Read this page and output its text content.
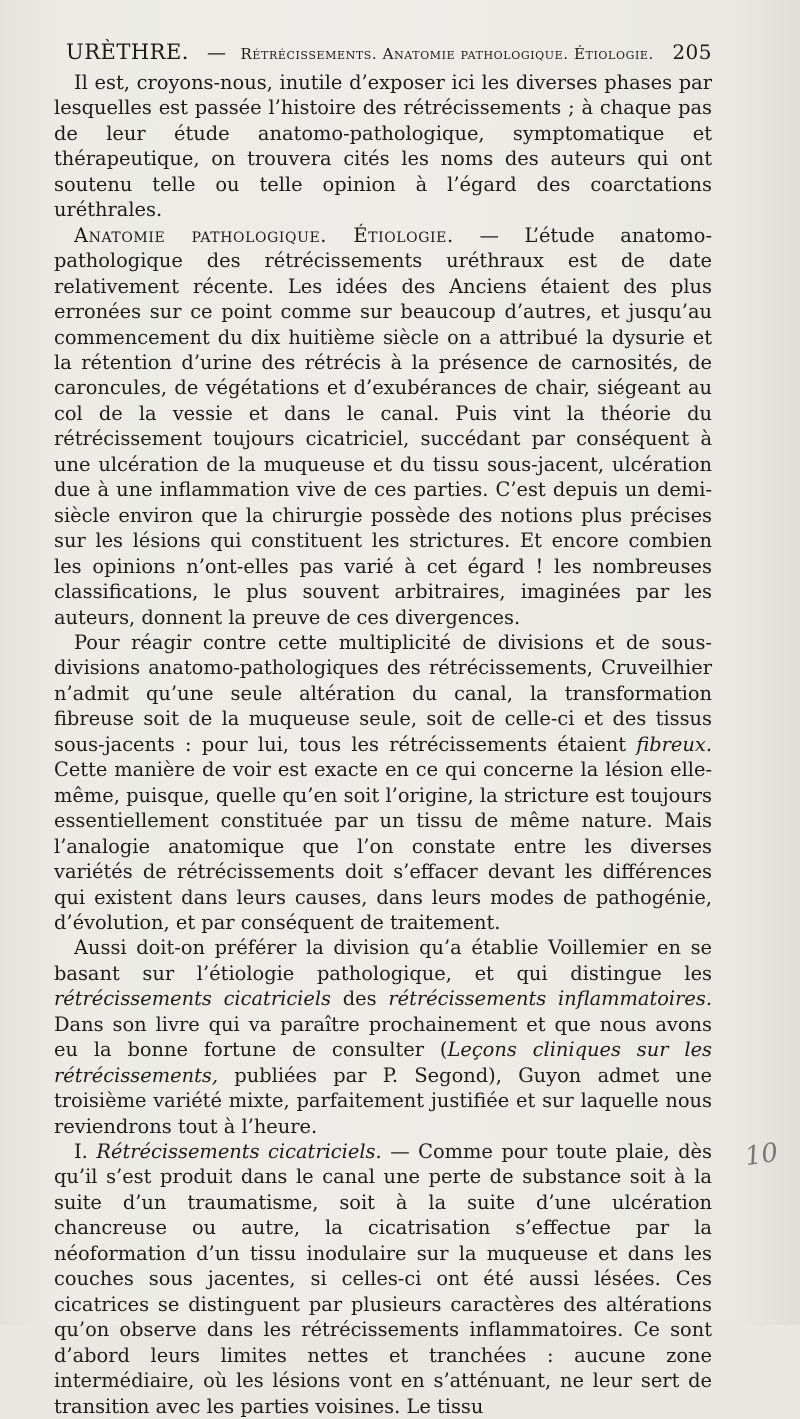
URÈTHRE. — Rétrécissements. Anatomie pathologique. Étiologie. 205

Il est, croyons-nous, inutile d’exposer ici les diverses phases par lesquelles est passée l’histoire des rétrécissements ; à chaque pas de leur étude anatomo-pathologique, symptomatique et thérapeutique, on trouvera cités les noms des auteurs qui ont soutenu telle ou telle opinion à l’égard des coarctations uréthrales.

Anatomie pathologique. Étiologie. — L’étude anatomo-pathologique des rétrécissements uréthraux est de date relativement récente. Les idées des Anciens étaient des plus erronées sur ce point comme sur beaucoup d’autres, et jusqu’au commencement du dix huitième siècle on a attribué la dysurie et la rétention d’urine des rétrécis à la présence de carnosités, de caroncules, de végétations et d’exubérances de chair, siégeant au col de la vessie et dans le canal. Puis vint la théorie du rétrécissement toujours cicatriciel, succédant par conséquent à une ulcération de la muqueuse et du tissu sous-jacent, ulcération due à une inflammation vive de ces parties. C’est depuis un demi-siècle environ que la chirurgie possède des notions plus précises sur les lésions qui constituent les strictures. Et encore combien les opinions n’ont-elles pas varié à cet égard ! les nombreuses classifications, le plus souvent arbitraires, imaginées par les auteurs, donnent la preuve de ces divergences.

Pour réagir contre cette multiplicité de divisions et de sous-divisions anatomo-pathologiques des rétrécissements, Cruveilhier n’admit qu’une seule altération du canal, la transformation fibreuse soit de la muqueuse seule, soit de celle-ci et des tissus sous-jacents : pour lui, tous les rétrécissements étaient fibreux. Cette manière de voir est exacte en ce qui concerne la lésion elle-même, puisque, quelle qu’en soit l’origine, la stricture est toujours essentiellement constituée par un tissu de même nature. Mais l’analogie anatomique que l’on constate entre les diverses variétés de rétrécissements doit s’effacer devant les différences qui existent dans leurs causes, dans leurs modes de pathogénie, d’évolution, et par conséquent de traitement.

Aussi doit-on préférer la division qu’a établie Voillemier en se basant sur l’étiologie pathologique, et qui distingue les rétrécissements cicatriciels des rétrécissements inflammatoires. Dans son livre qui va paraître prochainement et que nous avons eu la bonne fortune de consulter (Leçons cliniques sur les rétrécissements, publiées par P. Segond), Guyon admet une troisième variété mixte, parfaitement justifiée et sur laquelle nous reviendrons tout à l’heure.

I. Rétrécissements cicatriciels. — Comme pour toute plaie, dès qu’il s’est produit dans le canal une perte de substance soit à la suite d’un traumatisme, soit à la suite d’une ulcération chancreuse ou autre, la cicatrisation s’effectue par la néoformation d’un tissu inodulaire sur la muqueuse et dans les couches sous jacentes, si celles-ci ont été aussi lésées. Ces cicatrices se distinguent par plusieurs caractères des altérations qu’on observe dans les rétrécissements inflammatoires. Ce sont d’abord leurs limites nettes et tranchées : aucune zone intermédiaire, où les lésions vont en s’atténuant, ne leur sert de transition avec les parties voisines. Le tissu

10
